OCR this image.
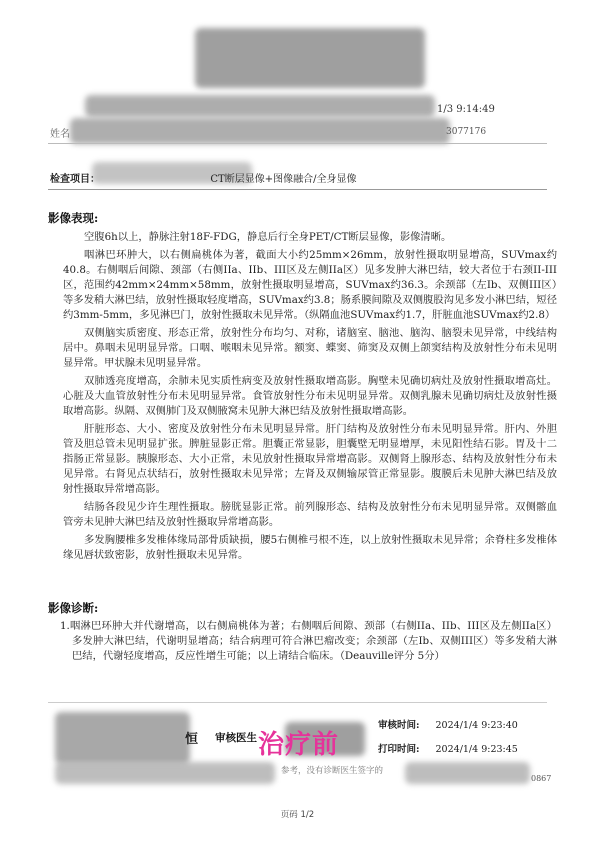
1/3 9:14:49
姓名	3077176
检查项目：	CT断层显像+图像融合/全身显像
影像表现:

空腹6h以上，静脉注射18F-FDG，静息后行全身PET/CT断层显像，影像清晰。

咽淋巴环肿大，以右侧扁桃体为著，截面大小约25mm×26mm，放射性摄取明显增高，SUVmax约40.8。右侧咽后间隙、颈部（右侧IIa、IIb、III区及左侧IIa区）见多发肿大淋巴结，较大者位于右颈II-III区，范围约42mm×24mm×58mm，放射性摄取明显增高，SUVmax约36.3。余颈部（左Ib、双侧III区）等多发稍大淋巴结，放射性摄取轻度增高，SUVmax约3.8；肠系膜间隙及双侧腹股沟见多发小淋巴结，短径约3mm-5mm，多见淋巴门，放射性摄取未见异常。（纵隔血池SUVmax约1.7，肝脏血池SUVmax约2.8）

双侧脑实质密度、形态正常，放射性分布均匀、对称，诸脑室、脑池、脑沟、脑裂未见异常，中线结构居中。鼻咽未见明显异常。口咽、喉咽未见异常。额窦、蝶窦、筛窦及双侧上颌窦结构及放射性分布未见明显异常。甲状腺未见明显异常。

双肺透亮度增高，余肺未见实质性病变及放射性摄取增高影。胸壁未见确切病灶及放射性摄取增高灶。心脏及大血管放射性分布未见明显异常。食管放射性分布未见明显异常。双侧乳腺未见确切病灶及放射性摄取增高影。纵隔、双侧肺门及双侧腋窝未见肿大淋巴结及放射性摄取增高影。

肝脏形态、大小、密度及放射性分布未见明显异常。肝门结构及放射性分布未见明显异常。肝内、外胆管及胆总管未见明显扩张。脾脏显影正常。胆囊正常显影，胆囊壁无明显增厚，未见阳性结石影。胃及十二指肠正常显影。胰腺形态、大小正常，未见放射性摄取异常增高影。双侧肾上腺形态、结构及放射性分布未见异常。右肾见点状结石，放射性摄取未见异常；左肾及双侧输尿管正常显影。腹膜后未见肿大淋巴结及放射性摄取异常增高影。

结肠各段见少许生理性摄取。膀胱显影正常。前列腺形态、结构及放射性分布未见明显异常。双侧髂血管旁未见肿大淋巴结及放射性摄取异常增高影。

多发胸腰椎多发椎体缘局部骨质缺损，腰5右侧椎弓根不连，以上放射性摄取未见异常；余脊柱多发椎体缘见唇状致密影，放射性摄取未见异常。

影像诊断:

1.咽淋巴环肿大并代谢增高，以右侧扁桃体为著；右侧咽后间隙、颈部（右侧IIa、IIb、III区及左侧IIa区）多发肿大淋巴结，代谢明显增高；结合病理可符合淋巴瘤改变；余颈部（左Ib、双侧III区）等多发稍大淋巴结，代谢轻度增高，反应性增生可能；以上请结合临床。（Deauville评分 5分）

恒	审核医生 治疗前
审核时间: 2024/1/4 9:23:40
打印时间: 2024/1/4 9:23:45
参考，没有诊断医生签字的
0867
页码 1/2
